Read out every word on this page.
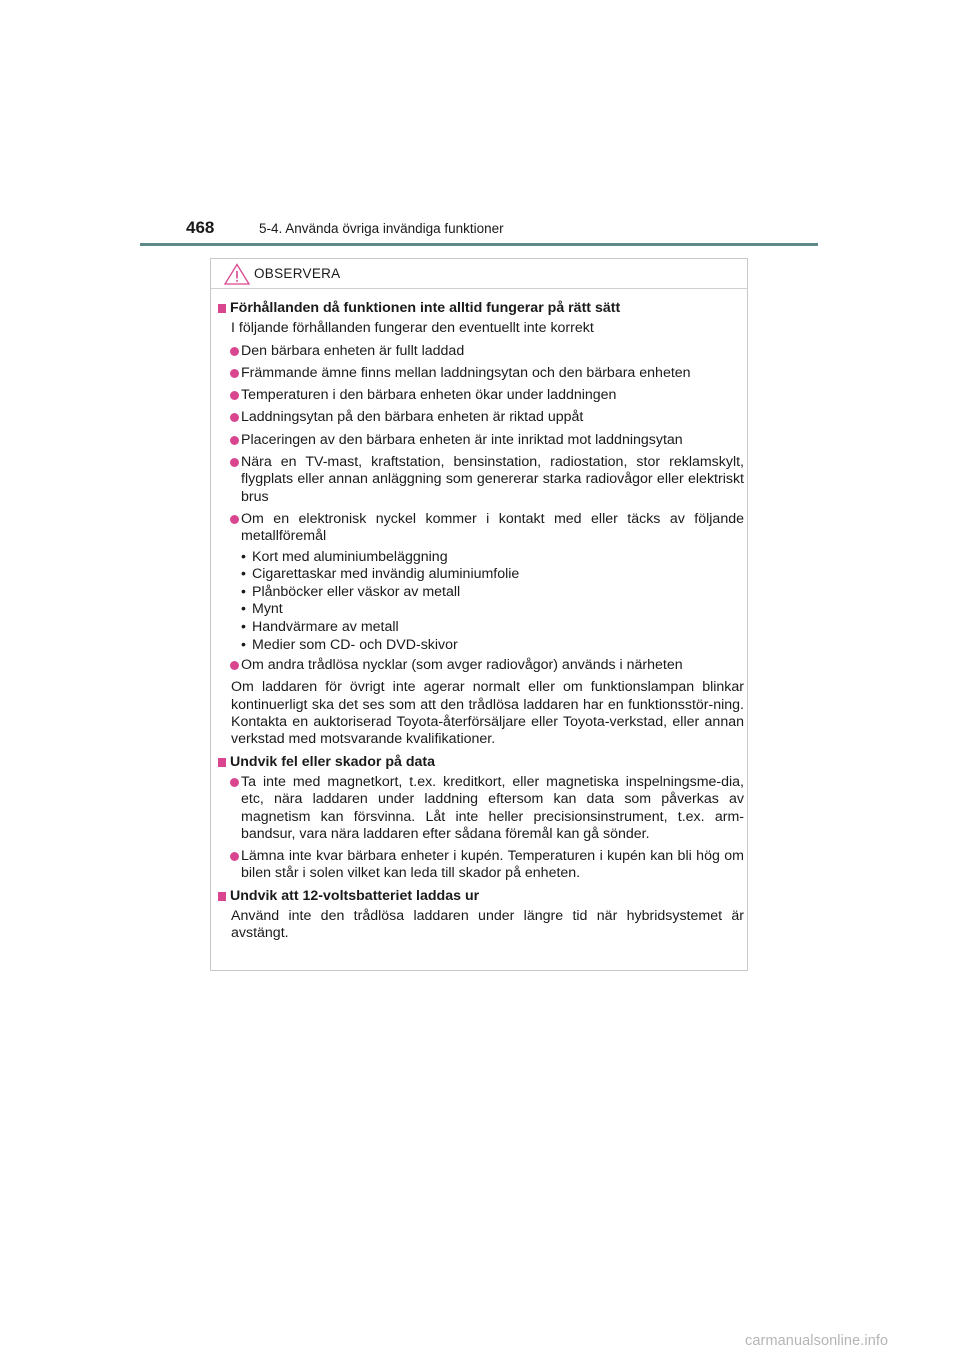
468	5-4. Använda övriga invändiga funktioner
OBSERVERA
Förhållanden då funktionen inte alltid fungerar på rätt sätt
I följande förhållanden fungerar den eventuellt inte korrekt
Den bärbara enheten är fullt laddad
Främmande ämne finns mellan laddningsytan och den bärbara enheten
Temperaturen i den bärbara enheten ökar under laddningen
Laddningsytan på den bärbara enheten är riktad uppåt
Placeringen av den bärbara enheten är inte inriktad mot laddningsytan
Nära en TV-mast, kraftstation, bensinstation, radiostation, stor reklamskylt, flygplats eller annan anläggning som genererar starka radiovågor eller elektriskt brus
Om en elektronisk nyckel kommer i kontakt med eller täcks av följande metallföremål
• Kort med aluminiumbeläggning
• Cigarettaskar med invändig aluminiumfolie
• Plånböcker eller väskor av metall
• Mynt
• Handvärmare av metall
• Medier som CD- och DVD-skivor
Om andra trådlösa nycklar (som avger radiovågor) används i närheten
Om laddaren för övrigt inte agerar normalt eller om funktionslampan blinkar kontinuerligt ska det ses som att den trådlösa laddaren har en funktionsstör-ning. Kontakta en auktoriserad Toyota-återförsäljare eller Toyota-verkstad, eller annan verkstad med motsvarande kvalifikationer.
Undvik fel eller skador på data
Ta inte med magnetkort, t.ex. kreditkort, eller magnetiska inspelningsme-dia, etc, nära laddaren under laddning eftersom kan data som påverkas av magnetism kan försvinna. Låt inte heller precisionsinstrument, t.ex. arm-bandsur, vara nära laddaren efter sådana föremål kan gå sönder.
Lämna inte kvar bärbara enheter i kupén. Temperaturen i kupén kan bli hög om bilen står i solen vilket kan leda till skador på enheten.
Undvik att 12-voltsbatteriet laddas ur
Använd inte den trådlösa laddaren under längre tid när hybridsystemet är avstängt.
carmanualsonline.info
